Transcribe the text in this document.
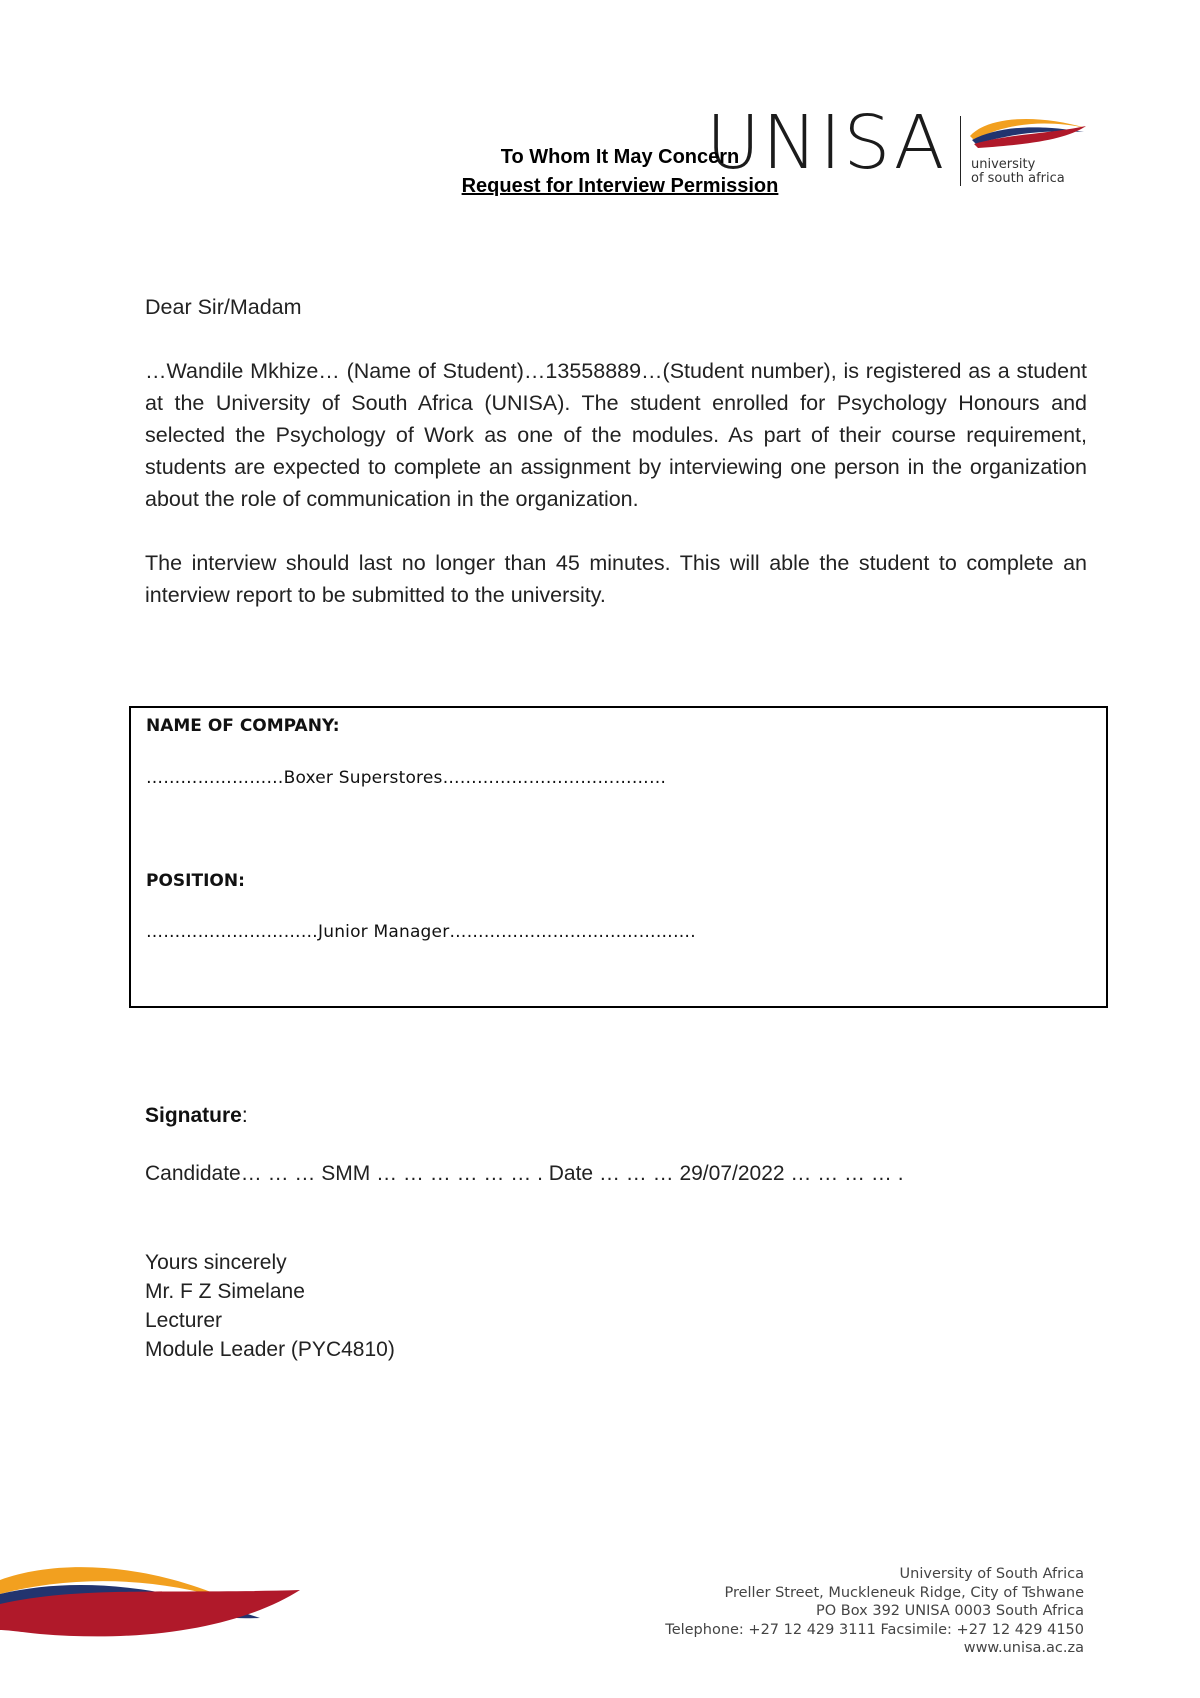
UNISA university
of south africa
To Whom It May Concern
Request for Interview Permission
Dear Sir/Madam
…Wandile Mkhize… (Name of Student)…13558889…(Student number), is registered as a student at the University of South Africa (UNISA). The student enrolled for Psychology Honours and selected the Psychology of Work as one of the modules. As part of their course requirement, students are expected to complete an assignment by interviewing one person in the organization about the role of communication in the organization.
The interview should last no longer than 45 minutes. This will able the student to complete an interview report to be submitted to the university.
NAME OF COMPANY:
……………………Boxer Superstores…………………………………
POSITION:
…………………………Junior Manager…………………………………….
Signature:
Candidate… … … SMM … … … … … … . Date … … … 29/07/2022 … … … … .
Yours sincerely
Mr. F Z Simelane
Lecturer
Module Leader (PYC4810)
University of South Africa
Preller Street, Muckleneuk Ridge, City of Tshwane
PO Box 392 UNISA 0003 South Africa
Telephone: +27 12 429 3111 Facsimile: +27 12 429 4150
www.unisa.ac.za
